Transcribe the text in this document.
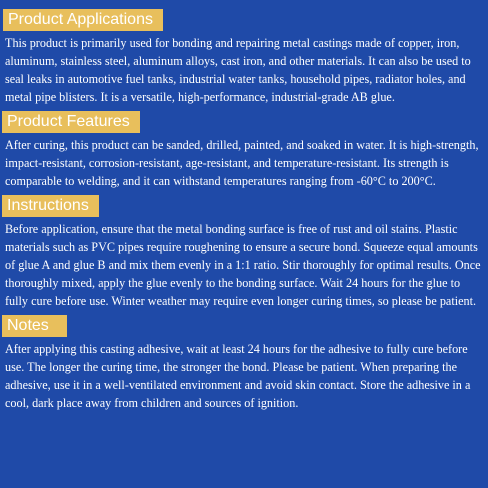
Product Applications

This product is primarily used for bonding and repairing metal castings made of copper, iron, aluminum, stainless steel, aluminum alloys, cast iron, and other materials. It can also be used to seal leaks in automotive fuel tanks, industrial water tanks, household pipes, radiator holes, and metal pipe blisters. It is a versatile, high-performance, industrial-grade AB glue.

Product Features

After curing, this product can be sanded, drilled, painted, and soaked in water. It is high-strength, impact-resistant, corrosion-resistant, age-resistant, and temperature-resistant. Its strength is comparable to welding, and it can withstand temperatures ranging from -60°C to 200°C.

Instructions

Before application, ensure that the metal bonding surface is free of rust and oil stains. Plastic materials such as PVC pipes require roughening to ensure a secure bond. Squeeze equal amounts of glue A and glue B and mix them evenly in a 1:1 ratio. Stir thoroughly for optimal results. Once thoroughly mixed, apply the glue evenly to the bonding surface. Wait 24 hours for the glue to fully cure before use. Winter weather may require even longer curing times, so please be patient.

Notes

After applying this casting adhesive, wait at least 24 hours for the adhesive to fully cure before use. The longer the curing time, the stronger the bond. Please be patient. When preparing the adhesive, use it in a well-ventilated environment and avoid skin contact. Store the adhesive in a cool, dark place away from children and sources of ignition.
